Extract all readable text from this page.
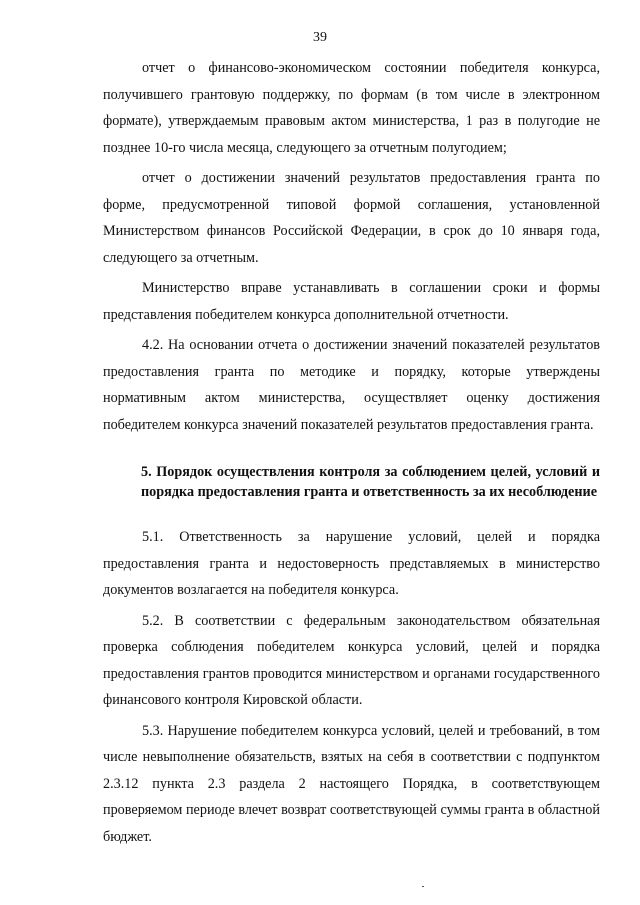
39

отчет о финансово-экономическом состоянии победителя конкурса, получившего грантовую поддержку, по формам (в том числе в электронном формате), утверждаемым правовым актом министерства, 1 раз в полугодие не позднее 10-го числа месяца, следующего за отчетным полугодием;

отчет о достижении значений результатов предоставления гранта по форме, предусмотренной типовой формой соглашения, установленной Министерством финансов Российской Федерации, в срок до 10 января года, следующего за отчетным.

Министерство вправе устанавливать в соглашении сроки и формы представления победителем конкурса дополнительной отчетности.

4.2. На основании отчета о достижении значений показателей результатов предоставления гранта по методике и порядку, которые утверждены нормативным актом министерства, осуществляет оценку достижения победителем конкурса значений показателей результатов предоставления гранта.

5. Порядок осуществления контроля за соблюдением целей, условий и порядка предоставления гранта и ответственность за их несоблюдение

5.1. Ответственность за нарушение условий, целей и порядка предоставления гранта и недостоверность представляемых в министерство документов возлагается на победителя конкурса.

5.2. В соответствии с федеральным законодательством обязательная проверка соблюдения победителем конкурса условий, целей и порядка предоставления грантов проводится министерством и органами государственного финансового контроля Кировской области.

5.3. Нарушение победителем конкурса условий, целей и требований, в том числе невыполнение обязательств, взятых на себя в соответствии с подпунктом 2.3.12 пункта 2.3 раздела 2 настоящего Порядка, в соответствующем проверяемом периоде влечет возврат соответствующей суммы гранта в областной бюджет.
